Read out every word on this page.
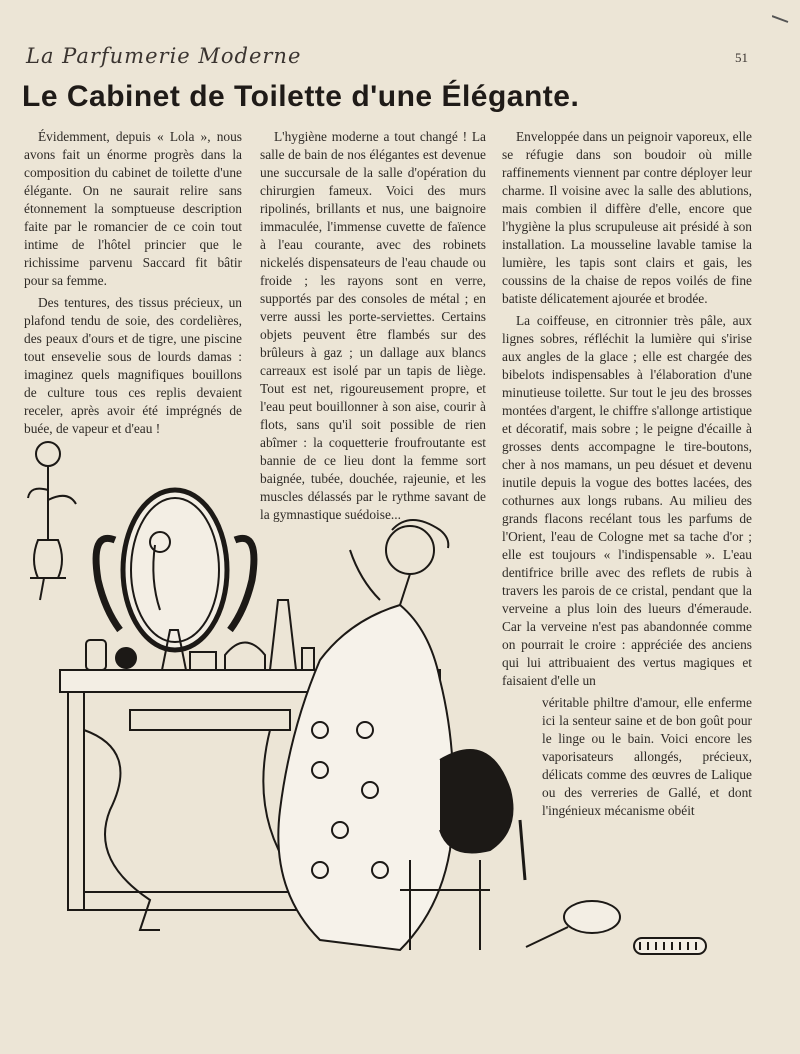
La Parfumerie Moderne	51
Le Cabinet de Toilette d'une Élégante.

Évidemment, depuis « Lola », nous avons fait un énorme progrès dans la composition du cabinet de toilette d'une élégante. On ne saurait relire sans étonnement la somptueuse description faite par le romancier de ce coin tout intime de l'hôtel princier que le richissime parvenu Saccard fit bâtir pour sa femme.

Des tentures, des tissus précieux, un plafond tendu de soie, des cordelières, des peaux d'ours et de tigre, une piscine tout ensevelie sous de lourds damas : imaginez quels magnifiques bouillons de culture tous ces replis devaient receler, après avoir été imprégnés de buée, de vapeur et d'eau !

L'hygiène moderne a tout changé ! La salle de bain de nos élégantes est devenue une succursale de la salle d'opération du chirurgien fameux. Voici des murs ripolinés, brillants et nus, une baignoire immaculée, l'immense cuvette de faïence à l'eau courante, avec des robinets nickelés dispensateurs de l'eau chaude ou froide ; les rayons sont en verre, supportés par des consoles de métal ; en verre aussi les porte-serviettes. Certains objets peuvent être flambés sur des brûleurs à gaz ; un dallage aux blancs carreaux est isolé par un tapis de liège. Tout est net, rigoureusement propre, et l'eau peut bouillonner à son aise, courir à flots, sans qu'il soit possible de rien abîmer : la coquetterie froufroutante est bannie de ce lieu dont la femme sort baignée, tubée, douchée, rajeunie, et les muscles délassés par le rythme savant de la gymnastique suédoise...

Enveloppée dans un peignoir vaporeux, elle se réfugie dans son boudoir où mille raffinements viennent par contre déployer leur charme. Il voisine avec la salle des ablutions, mais combien il diffère d'elle, encore que l'hygiène la plus scrupuleuse ait présidé à son installation. La mousseline lavable tamise la lumière, les tapis sont clairs et gais, les coussins de la chaise de repos voilés de fine batiste délicatement ajourée et brodée.

La coiffeuse, en citronnier très pâle, aux lignes sobres, réfléchit la lumière qui s'irise aux angles de la glace ; elle est chargée des bibelots indispensables à l'élaboration d'une minutieuse toilette. Sur tout le jeu des brosses montées d'argent, le chiffre s'allonge artistique et décoratif, mais sobre ; le peigne d'écaille à grosses dents accompagne le tire-boutons, cher à nos mamans, un peu désuet et devenu inutile depuis la vogue des bottes lacées, des cothurnes aux longs rubans. Au milieu des grands flacons recélant tous les parfums de l'Orient, l'eau de Cologne met sa tache d'or ; elle est toujours « l'indispensable ». L'eau dentifrice brille avec des reflets de rubis à travers les parois de ce cristal, pendant que la verveine a plus loin des lueurs d'émeraude. Car la verveine n'est pas abandonnée comme on pourrait le croire : appréciée des anciens qui lui attribuaient des vertus magiques et faisaient d'elle un

véritable philtre d'amour, elle enferme ici la senteur saine et de bon goût pour le linge ou le bain. Voici encore les vaporisateurs allongés, précieux, délicats comme des œuvres de Lalique ou des verreries de Gallé, et dont l'ingénieux mécanisme obéit
